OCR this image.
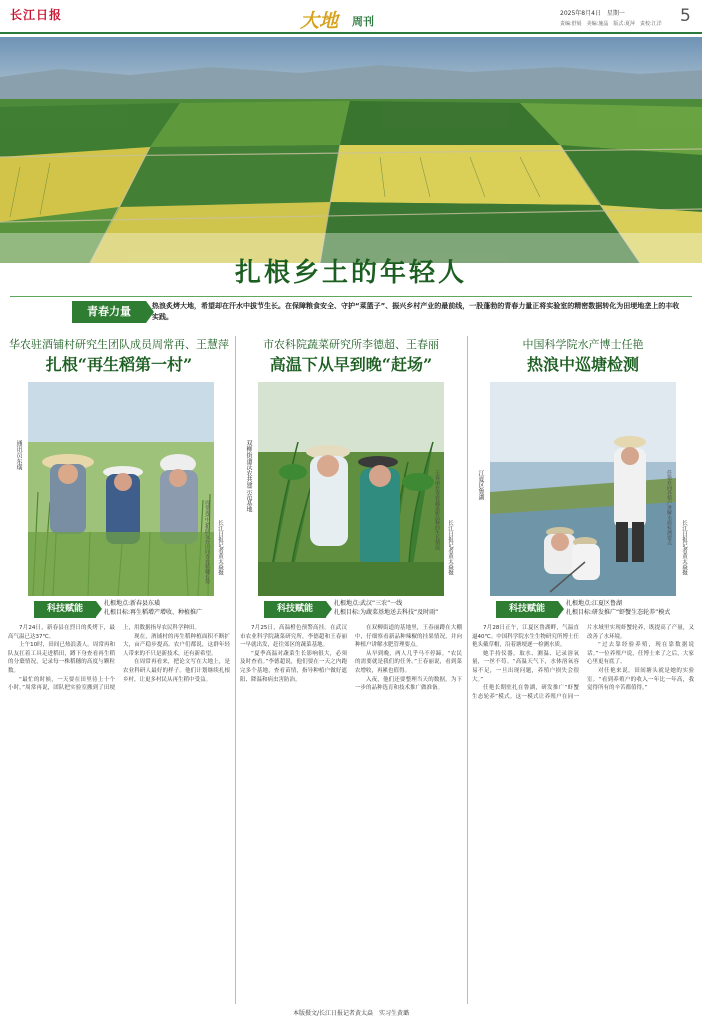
长江日报	大地 周刊
2025年8月4日　星期一
责编:舒展　美编:施晶　版式:夏萍　责校:江洋 5
扎根乡土的年轻人
青春力量	热浪炙烤大地，希望却在汗水中拔节生长。在保障粮食安全、守护“菜篮子”、振兴乡村产业的最前线，一股蓬勃的青春力量正将实验室的精密数据转化为田埂地垄上的丰收实践。
华农驻酒铺村研究生团队成员周常再、王慧萍
扎根“再生稻第一村”
通讯员东璜
周常再(中)和队友在田间查看稻穗长势 长江日报记者黄太焱摄
科技赋能
扎根地点:新春县东璜
扎根目标:再生稻增产增收、种植推广

7月24日，新春县在烈日的炙烤下，最高气温已达37℃。

上午10时，田间已热浪袭人。周常再和队友扛着工具走进稻田，蹲下身查看再生稻的分蘖情况，记录每一株稻穗的高度与颗粒数。

“最忙的时候，一天要在田里待上十个小时。”周常再说，团队把实验室搬到了田埂上，用数据指导农民科学种田。

现在，酒铺村的再生稻种植面积不断扩大，亩产稳步提高。农户们都说，这群年轻人带来的不只是新技术，还有新希望。

在周常再看来，把论文写在大地上，是农业科研人最好的样子。他们计划继续扎根乡村，让更多村民从再生稻中受益。

市农科院蔬菜研究所李德超、王春丽
高温下从早到晚“赶场”
双柳街道沃农共建示范基地	王春丽在查看蔬菜新品种的生长情况 长江日报记者黄太焱摄
科技赋能
扎根地点:武汉“三农”一线
扎根目标:为蔬菜基地送去科技“及时雨”

7月25日，高温橙色预警高挂。在武汉市农业科学院蔬菜研究所，李德超和王春丽一早就出发，赶往郊区的蔬菜基地。

“夏季高温对蔬菜生长影响很大，必须及时查看。”李德超说，他们要在一天之内跑完多个基地，查看苗情，指导种植户做好遮阳、降温和病虫害防治。

在双柳街道的基地里，王春丽蹲在大棚中，仔细察看新品种辣椒的挂果情况，并向种植户讲解水肥管理要点。

从早到晚，两人几乎马不停蹄。“农民的需要就是我们的任务。”王春丽说，看到菜农增收，再累也值得。

入夜，他们还要整理当天的数据，为下一步的品种选育和技术推广做准备。

中国科学院水产博士任艳
热浪中巡塘检测
江夏区鲁湖	任艳在向养殖户讲解水质检测要点
长江日报记者黄太焱摄
科技赋能
扎根地点:江夏区鲁湖
扎根目标:研发推广“虾蟹生态轮养”模式

7月28日正午，江夏区鲁湖畔，气温直逼40℃。中国科学院水生生物研究所博士任艳头戴草帽，沿着塘埂逐一检测水质。

她手持仪器，取水、测温、记录溶氧量，一丝不苟。“高温天气下，水体溶氧容易不足，一旦出现问题，养殖户损失会很大。”

任艳长期驻扎在鲁湖，研发推广“虾蟹生态轮养”模式。这一模式让养殖户在同一片水域里实现虾蟹轮养，既提高了产量，又改善了水环境。

“过去靠经验养殖，现在靠数据说话。”一位养殖户说，任博士来了之后，大家心里更有底了。

对任艳来说，田间塘头就是她的实验室。“看到养殖户的收入一年比一年高，我觉得所有的辛苦都值得。”

本版摄文/长江日报记者黄太焱　实习生黄璐
